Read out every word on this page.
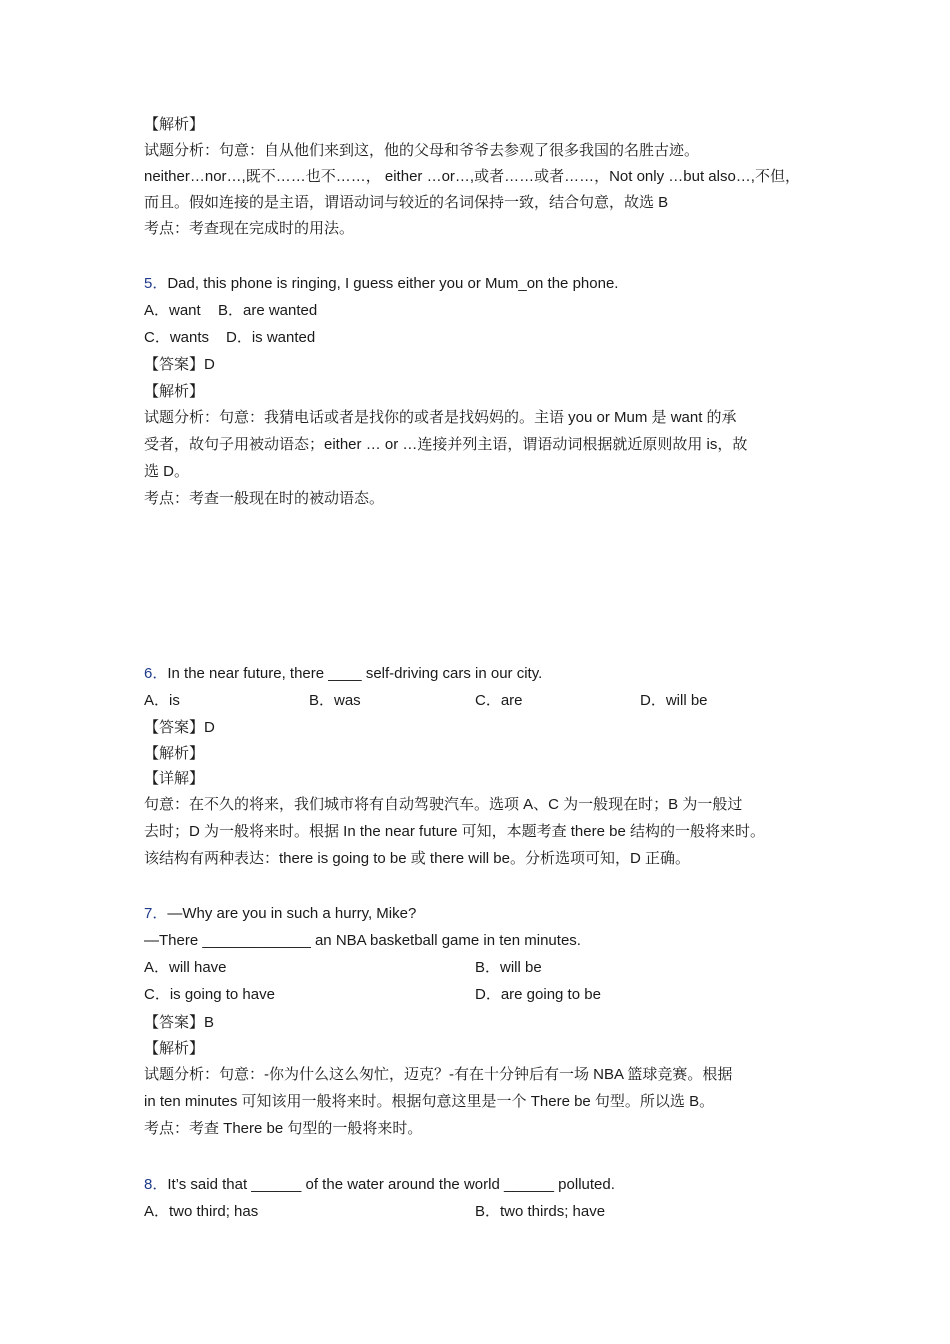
【解析】
试题分析：句意：自从他们来到这，他的父母和爷爷去参观了很多我国的名胜古迹。
neither…nor…,既不……也不……， either …or…,或者……或者……，Not only …but also…,不但，
而且。假如连接的是主语，谓语动词与较近的名词保持一致，结合句意，故选 B
考点：考查现在完成时的用法。
5．Dad, this phone is ringing, I guess either you or Mum_on the phone.
A．want B．are wanted
C．wants D．is wanted
【答案】D
【解析】
试题分析：句意：我猜电话或者是找你的或者是找妈妈的。主语 you or Mum 是 want 的承
受者，故句子用被动语态；either … or …连接并列主语，谓语动词根据就近原则故用 is，故
选 D。
考点：考查一般现在时的被动语态。
6．In the near future, there ____ self-driving cars in our city.
A．is	B．was	C．are	D．will be
【答案】D
【解析】
【详解】
句意：在不久的将来，我们城市将有自动驾驶汽车。选项 A、C 为一般现在时；B 为一般过
去时；D 为一般将来时。根据 In the near future 可知，本题考查 there be 结构的一般将来时。
该结构有两种表达：there is going to be 或 there will be。分析选项可知，D 正确。
7．—Why are you in such a hurry, Mike?
—There _____________ an NBA basketball game in ten minutes.
A．will have	B．will be
C．is going to have	D．are going to be
【答案】B
【解析】
试题分析：句意：-你为什么这么匆忙，迈克？-有在十分钟后有一场 NBA 篮球竞赛。根据
in ten minutes 可知该用一般将来时。根据句意这里是一个 There be 句型。所以选 B。
考点：考查 There be 句型的一般将来时。
8．It’s said that ______ of the water around the world ______ polluted.
A．two third; has	B．two thirds; have
